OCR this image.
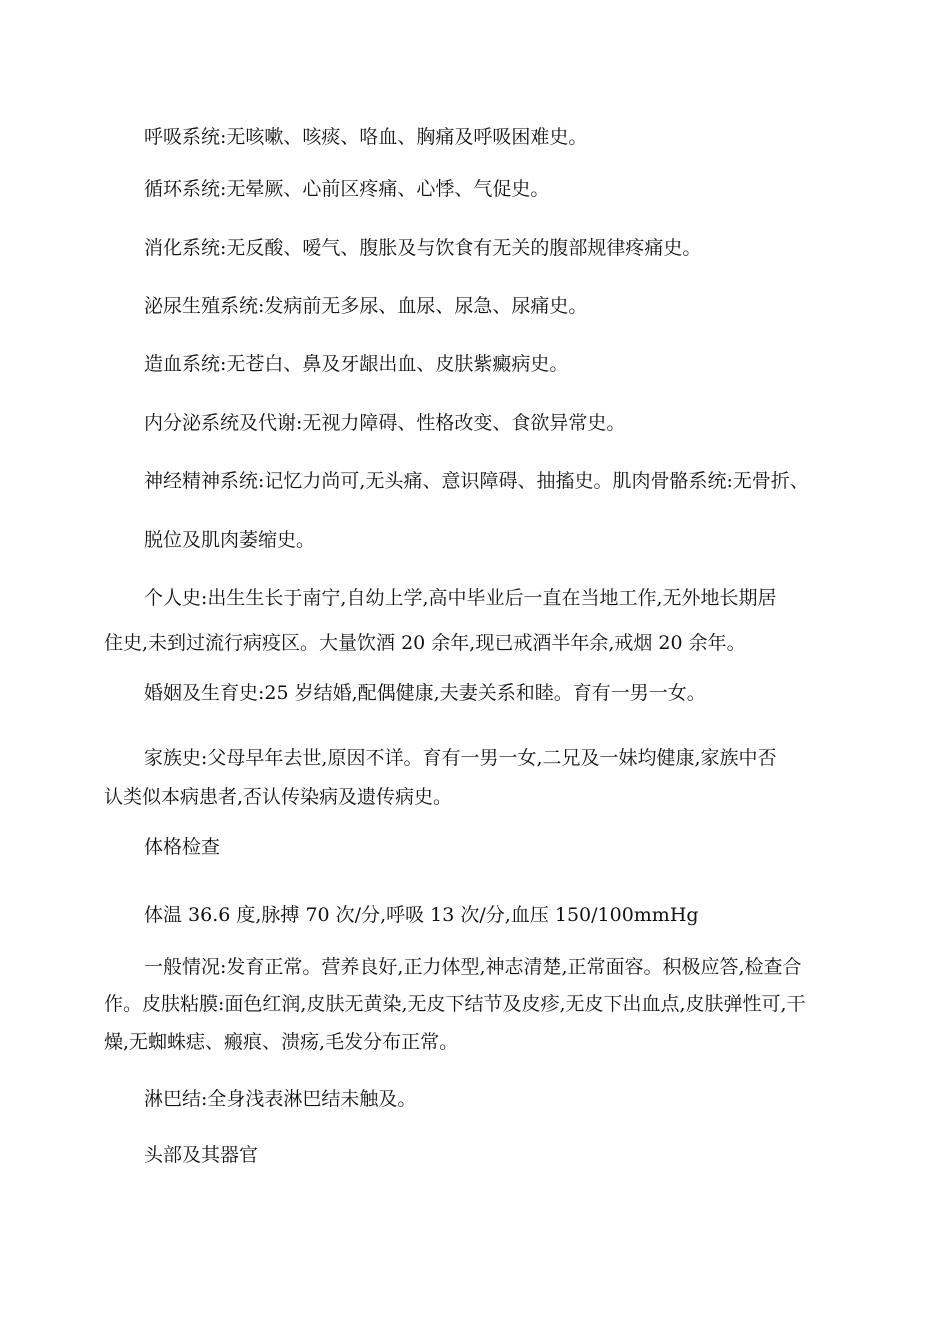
呼吸系统:无咳嗽、咳痰、咯血、胸痛及呼吸困难史。
循环系统:无晕厥、心前区疼痛、心悸、气促史。
消化系统:无反酸、嗳气、腹胀及与饮食有无关的腹部规律疼痛史。
泌尿生殖系统:发病前无多尿、血尿、尿急、尿痛史。
造血系统:无苍白、鼻及牙龈出血、皮肤紫癜病史。
内分泌系统及代谢:无视力障碍、性格改变、食欲异常史。
神经精神系统:记忆力尚可,无头痛、意识障碍、抽搐史。肌肉骨骼系统:无骨折、
脱位及肌肉萎缩史。
个人史:出生生长于南宁,自幼上学,高中毕业后一直在当地工作,无外地长期居
住史,未到过流行病疫区。大量饮酒 20 余年,现已戒酒半年余,戒烟 20 余年。
婚姻及生育史:25 岁结婚,配偶健康,夫妻关系和睦。育有一男一女。
家族史:父母早年去世,原因不详。育有一男一女,二兄及一妹均健康,家族中否
认类似本病患者,否认传染病及遗传病史。
体格检查
体温 36.6 度,脉搏 70 次/分,呼吸 13 次/分,血压 150/100mmHg
一般情况:发育正常。营养良好,正力体型,神志清楚,正常面容。积极应答,检查合
作。皮肤粘膜:面色红润,皮肤无黄染,无皮下结节及皮疹,无皮下出血点,皮肤弹性可,干
燥,无蜘蛛痣、瘢痕、溃疡,毛发分布正常。
淋巴结:全身浅表淋巴结未触及。
头部及其器官
